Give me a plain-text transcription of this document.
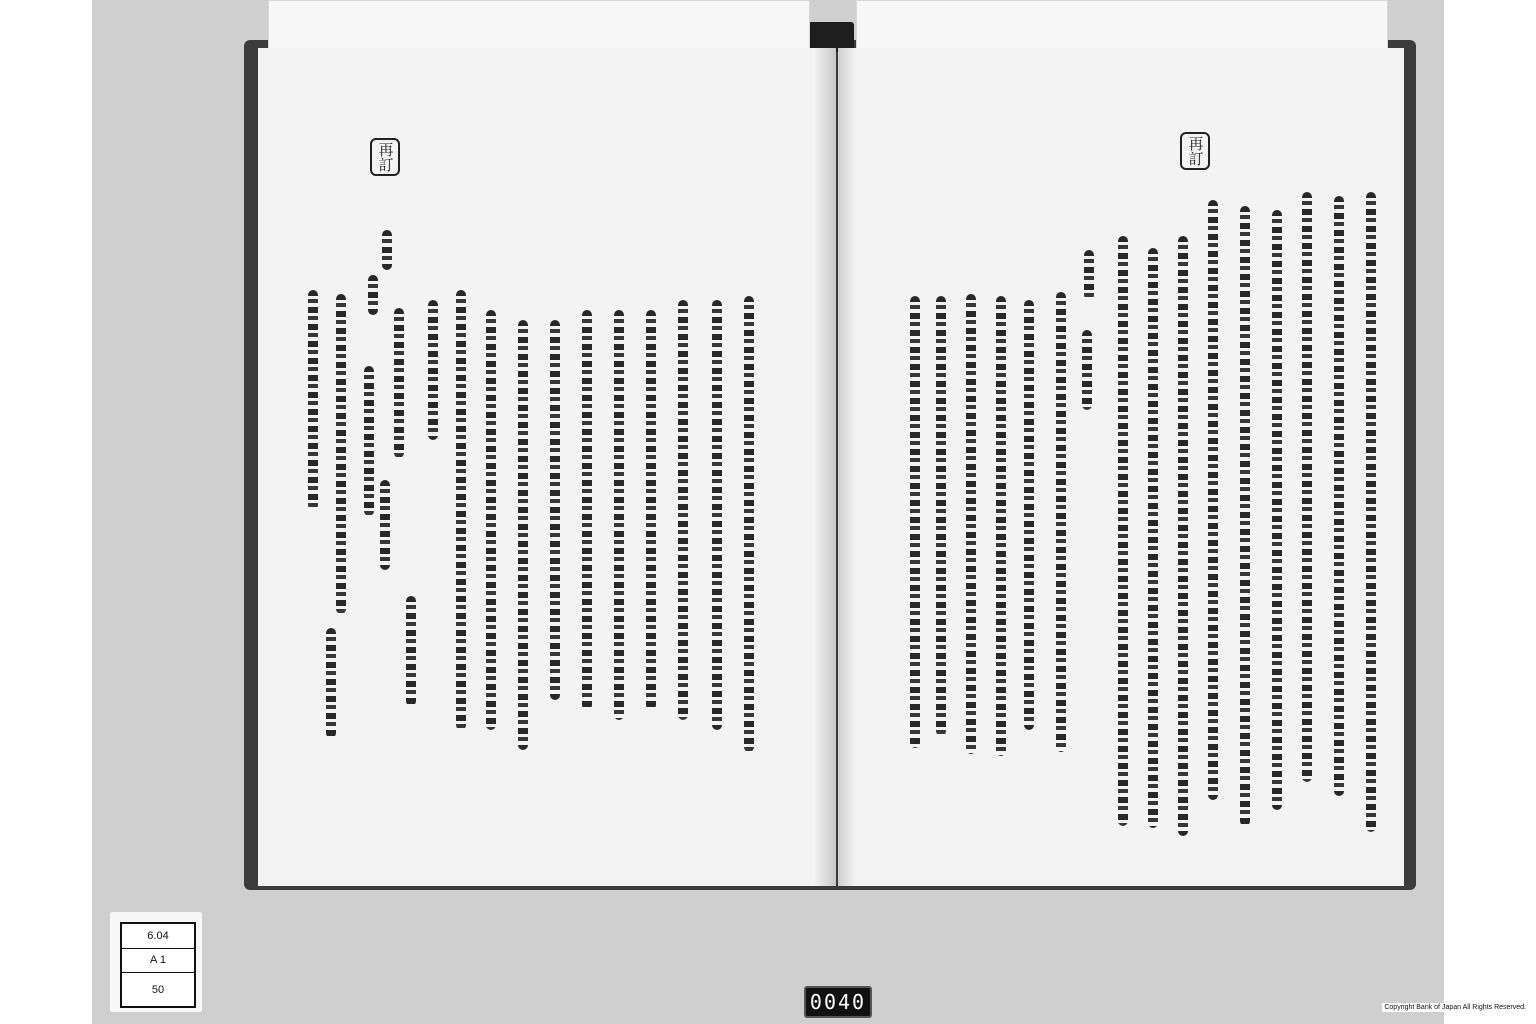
再訂	再訂
6.04
A 1
50
0040	Copyright Bank of Japan All Rights Reserved.
